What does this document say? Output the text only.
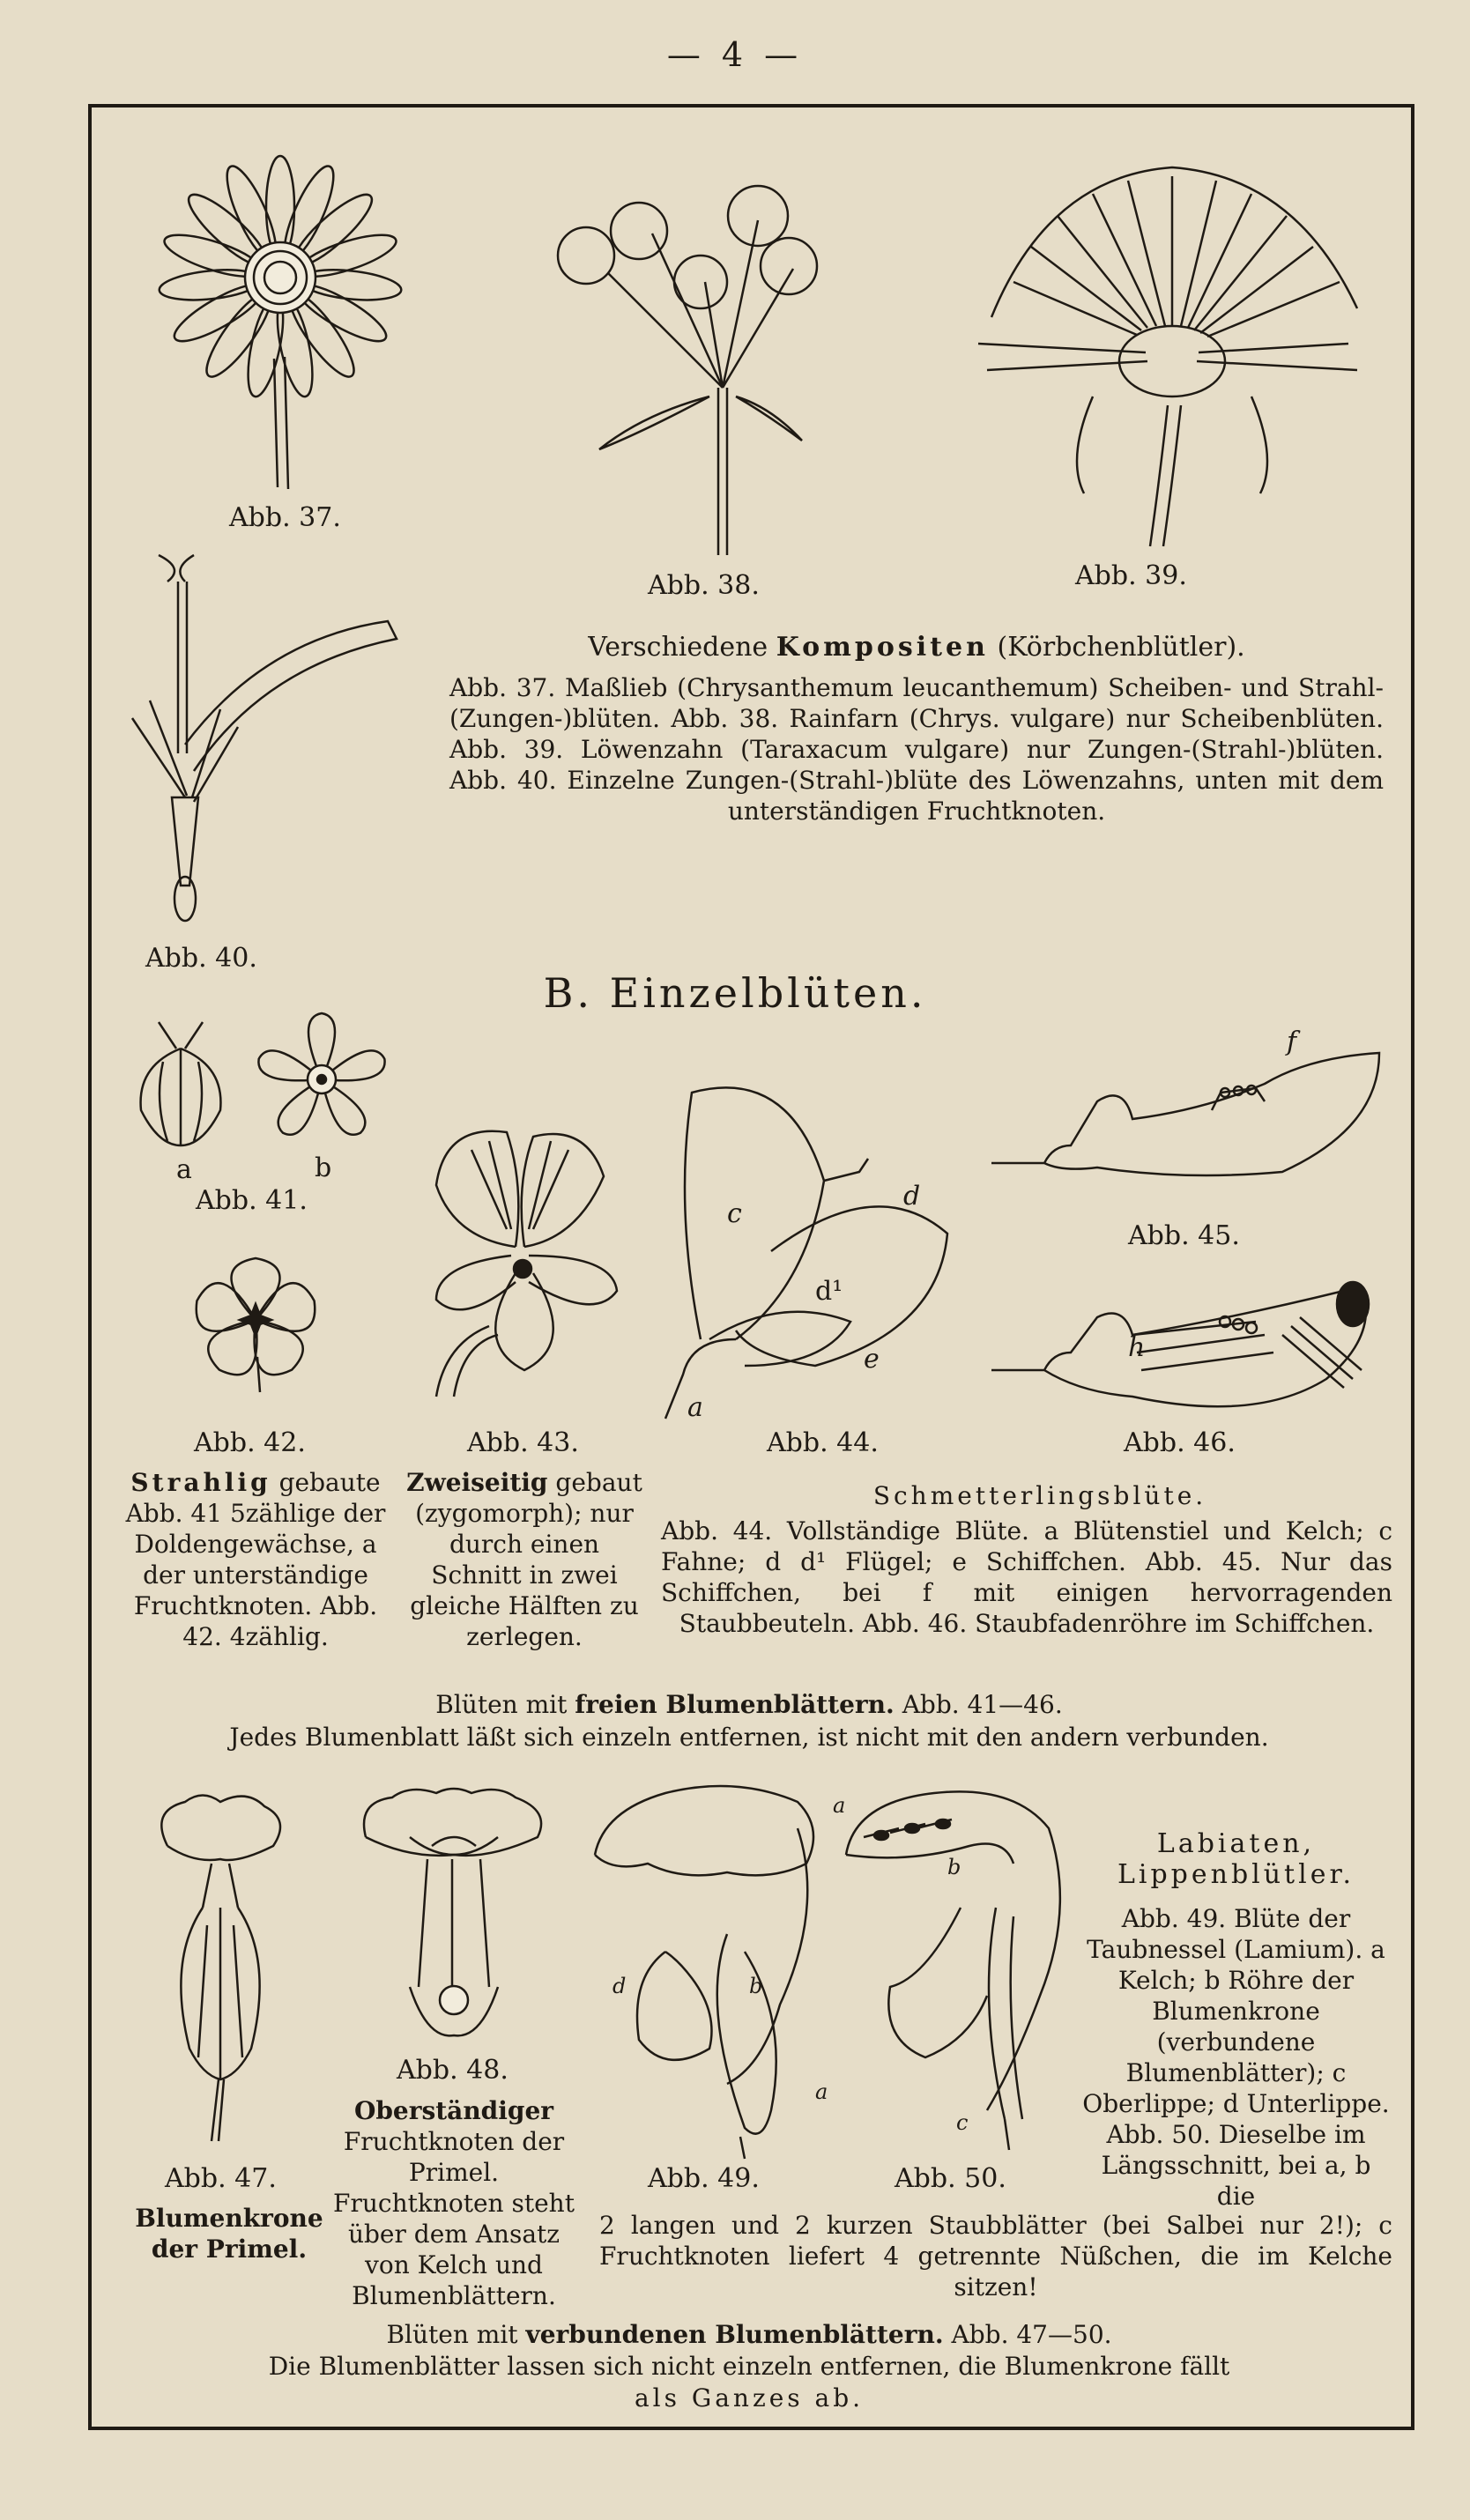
— 4 —
Abb. 37.
Abb. 38.	Abb. 39.
Abb. 40.
Verschiedene Kompositen (Körbchenblütler).
Abb. 37. Maßlieb (Chrysanthemum leucanthemum) Scheiben- und Strahl-(Zungen-)blüten. Abb. 38. Rainfarn (Chrys. vulgare) nur Scheibenblüten. Abb. 39. Löwenzahn (Taraxacum vulgare) nur Zungen-(Strahl-)blüten. Abb. 40. Einzelne Zungen-(Strahl-)blüte des Löwenzahns, unten mit dem unterständigen Fruchtknoten.
B. Einzelblüten.
a	b
Abb. 41.
Abb. 42.	Abb. 43.
c
d
d¹
e
a
Abb. 44.
f
Abb. 45.
h
Abb. 46.
Strahlig gebaute Abb. 41 5zählige der Doldengewächse, a der unterständige Fruchtknoten. Abb. 42. 4zählig.
Zweiseitig gebaut (zygomorph); nur durch einen Schnitt in zwei gleiche Hälften zu zerlegen.
Schmetterlingsblüte.
Abb. 44. Vollständige Blüte. a Blütenstiel und Kelch; c Fahne; d d¹ Flügel; e Schiffchen. Abb. 45. Nur das Schiffchen, bei f mit einigen hervorragenden Staubbeuteln. Abb. 46. Staubfadenröhre im Schiffchen.
Blüten mit freien Blumenblättern. Abb. 41—46.
Jedes Blumenblatt läßt sich einzeln entfernen, ist nicht mit den andern verbunden.
Abb. 47.
Blumenkrone der Primel.
Abb. 48.
Oberständiger Fruchtknoten der Primel. Fruchtknoten steht über dem Ansatz von Kelch und Blumenblättern.
d	b
a
Abb. 49.
a
b
c
Abb. 50.
Labiaten, Lippenblütler.
Abb. 49. Blüte der Taubnessel (Lamium). a Kelch; b Röhre der Blumenkrone (verbundene Blumenblätter); c Oberlippe; d Unterlippe. Abb. 50. Dieselbe im Längsschnitt, bei a, b die
2 langen und 2 kurzen Staubblätter (bei Salbei nur 2!); c Fruchtknoten liefert 4 getrennte Nüßchen, die im Kelche sitzen!
Blüten mit verbundenen Blumenblättern. Abb. 47—50.
Die Blumenblätter lassen sich nicht einzeln entfernen, die Blumenkrone fällt
als Ganzes ab.
